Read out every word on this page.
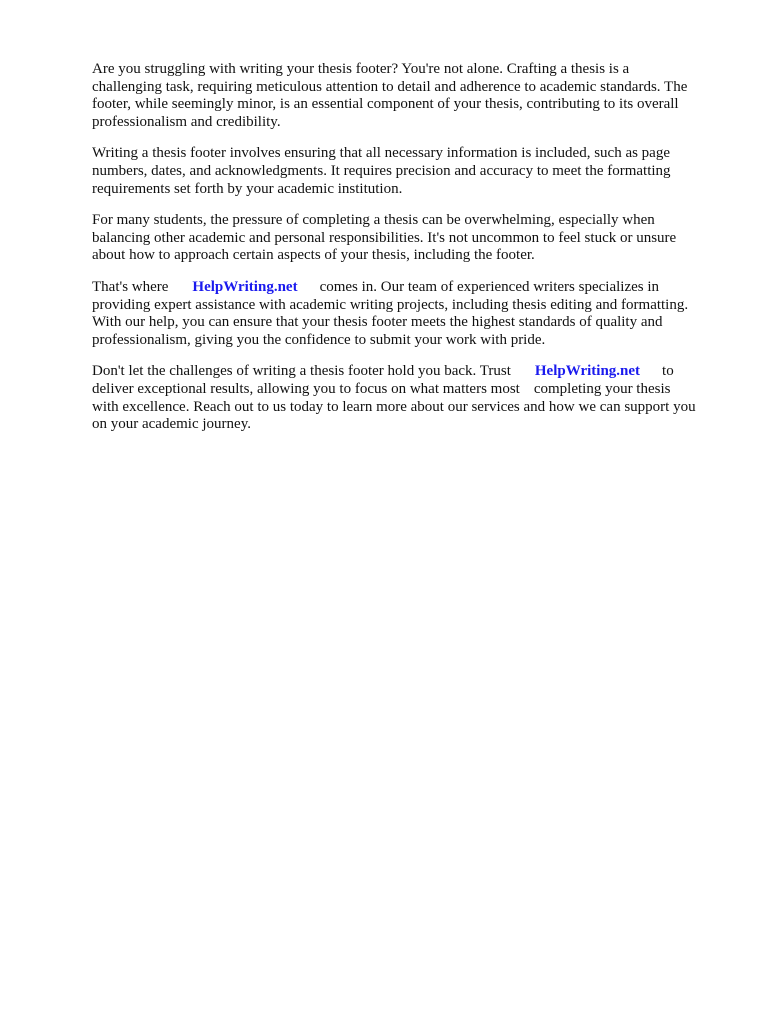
Are you struggling with writing your thesis footer? You're not alone. Crafting a thesis is a
challenging task, requiring meticulous attention to detail and adherence to academic standards. The
footer, while seemingly minor, is an essential component of your thesis, contributing to its overall
professionalism and credibility.

Writing a thesis footer involves ensuring that all necessary information is included, such as page
numbers, dates, and acknowledgments. It requires precision and accuracy to meet the formatting
requirements set forth by your academic institution.

For many students, the pressure of completing a thesis can be overwhelming, especially when
balancing other academic and personal responsibilities. It's not uncommon to feel stuck or unsure
about how to approach certain aspects of your thesis, including the footer.

That's where HelpWriting.net comes in. Our team of experienced writers specializes in
providing expert assistance with academic writing projects, including thesis editing and formatting.
With our help, you can ensure that your thesis footer meets the highest standards of quality and
professionalism, giving you the confidence to submit your work with pride.

Don't let the challenges of writing a thesis footer hold you back. Trust HelpWriting.net to
deliver exceptional results, allowing you to focus on what matters most completing your thesis
with excellence. Reach out to us today to learn more about our services and how we can support you
on your academic journey.
